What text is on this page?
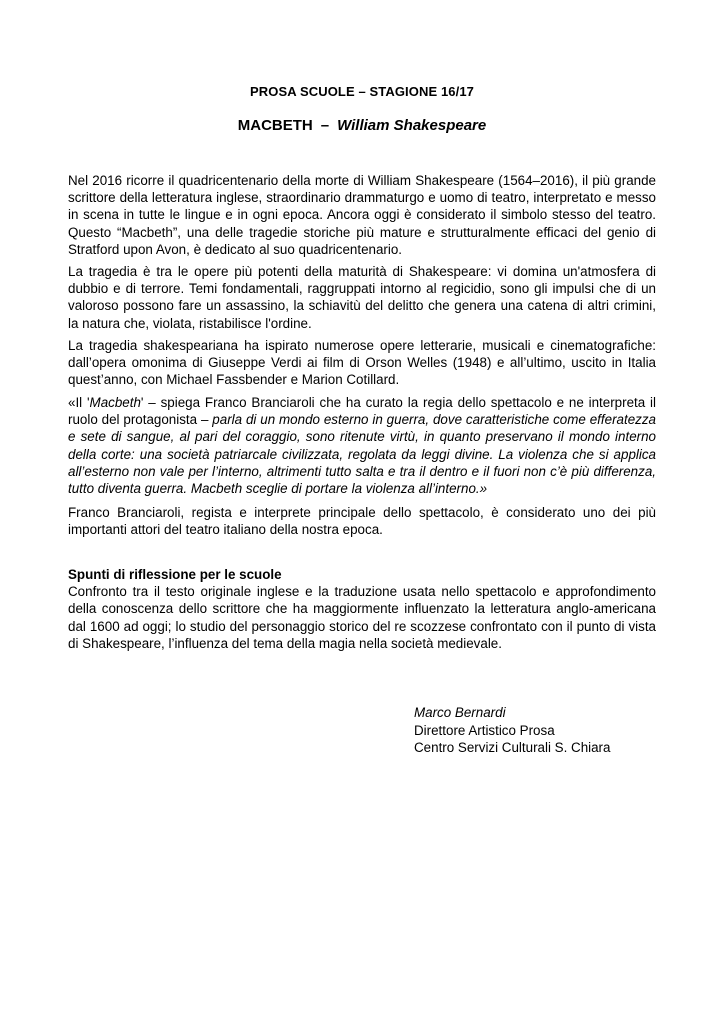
PROSA SCUOLE – STAGIONE 16/17
MACBETH – William Shakespeare
Nel 2016 ricorre il quadricentenario della morte di William Shakespeare (1564–2016), il più grande scrittore della letteratura inglese, straordinario drammaturgo e uomo di teatro, interpretato e messo in scena in tutte le lingue e in ogni epoca. Ancora oggi è considerato il simbolo stesso del teatro. Questo “Macbeth”, una delle tragedie storiche più mature e strutturalmente efficaci del genio di Stratford upon Avon, è dedicato al suo quadricentenario.
La tragedia è tra le opere più potenti della maturità di Shakespeare: vi domina un'atmosfera di dubbio e di terrore. Temi fondamentali, raggruppati intorno al regicidio, sono gli impulsi che di un valoroso possono fare un assassino, la schiavitù del delitto che genera una catena di altri crimini, la natura che, violata, ristabilisce l'ordine.
La tragedia shakespeariana ha ispirato numerose opere letterarie, musicali e cinematografiche: dall’opera omonima di Giuseppe Verdi ai film di Orson Welles (1948) e all’ultimo, uscito in Italia quest’anno, con Michael Fassbender e Marion Cotillard.
«Il 'Macbeth' – spiega Franco Branciaroli che ha curato la regia dello spettacolo e ne interpreta il ruolo del protagonista – parla di un mondo esterno in guerra, dove caratteristiche come efferatezza e sete di sangue, al pari del coraggio, sono ritenute virtù, in quanto preservano il mondo interno della corte: una società patriarcale civilizzata, regolata da leggi divine. La violenza che si applica all’esterno non vale per l’interno, altrimenti tutto salta e tra il dentro e il fuori non c’è più differenza, tutto diventa guerra. Macbeth sceglie di portare la violenza all’interno.»
Franco Branciaroli, regista e interprete principale dello spettacolo, è considerato uno dei più importanti attori del teatro italiano della nostra epoca.
Spunti di riflessione per le scuole
Confronto tra il testo originale inglese e la traduzione usata nello spettacolo e approfondimento della conoscenza dello scrittore che ha maggiormente influenzato la letteratura anglo-americana dal 1600 ad oggi; lo studio del personaggio storico del re scozzese confrontato con il punto di vista di Shakespeare, l’influenza del tema della magia nella società medievale.
Marco Bernardi
Direttore Artistico Prosa
Centro Servizi Culturali S. Chiara
